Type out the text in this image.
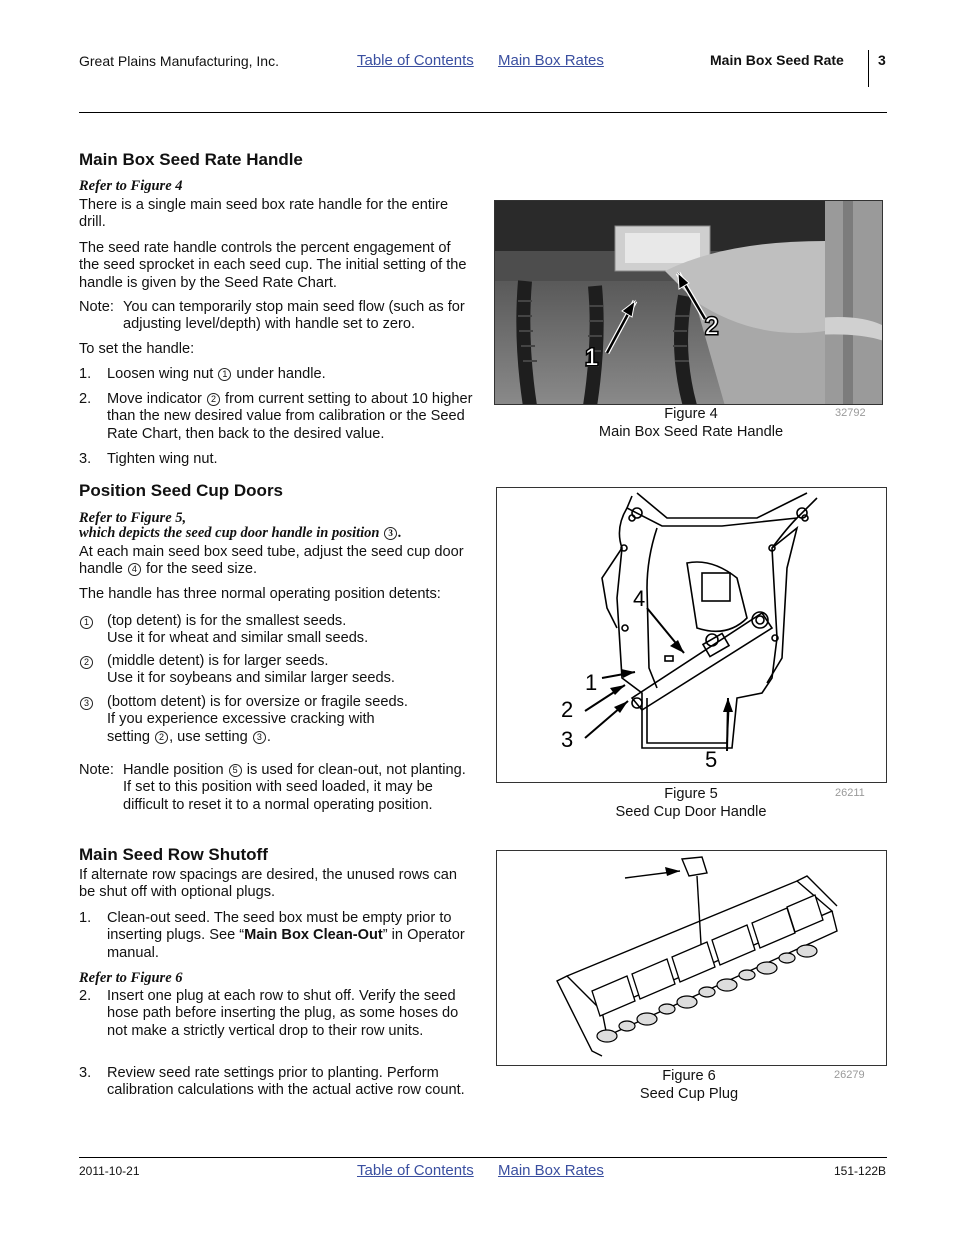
Great Plains Manufacturing, Inc.	Table of Contents Main Box Rates	Main Box Seed Rate 3
Main Box Seed Rate Handle
Refer to Figure 4
There is a single main seed box rate handle for the entire drill.
The seed rate handle controls the percent engagement of the seed sprocket in each seed cup. The initial setting of the handle is given by the Seed Rate Chart.
Note: You can temporarily stop main seed flow (such as for adjusting level/depth) with handle set to zero.
To set the handle:
1. Loosen wing nut 1 under handle.
2. Move indicator 2 from current setting to about 10 higher than the new desired value from calibration or the Seed Rate Chart, then back to the desired value.
3. Tighten wing nut.
Position Seed Cup Doors
Refer to Figure 5,
which depicts the seed cup door handle in position 3 .
At each main seed box seed tube, adjust the seed cup door handle 4 for the seed size.
The handle has three normal operating position detents:
1 (top detent) is for the smallest seeds.
Use it for wheat and similar small seeds.
2 (middle detent) is for larger seeds.
Use it for soybeans and similar larger seeds.
3 (bottom detent) is for oversize or fragile seeds.
If you experience excessive cracking with
setting 2 , use setting 3 .
Note: Handle position 5 is used for clean-out, not planting. If set to this position with seed loaded, it may be difficult to reset it to a normal operating position.
Main Seed Row Shutoff
If alternate row spacings are desired, the unused rows can be shut off with optional plugs.
1. Clean-out seed. The seed box must be empty prior to inserting plugs. See “Main Box Clean-Out” in Operator manual.
Refer to Figure 6
2. Insert one plug at each row to shut off. Verify the seed hose path before inserting the plug, as some hoses do not make a strictly vertical drop to their row units.
3. Review seed rate settings prior to planting. Perform calibration calculations with the actual active row count.
1
2
Figure 4
Main Box Seed Rate Handle
32792
4
1
2
3
5
Figure 5
Seed Cup Door Handle
26211
Figure 6
Seed Cup Plug
26279
2011-10-21	Table of Contents Main Box Rates	151-122B
